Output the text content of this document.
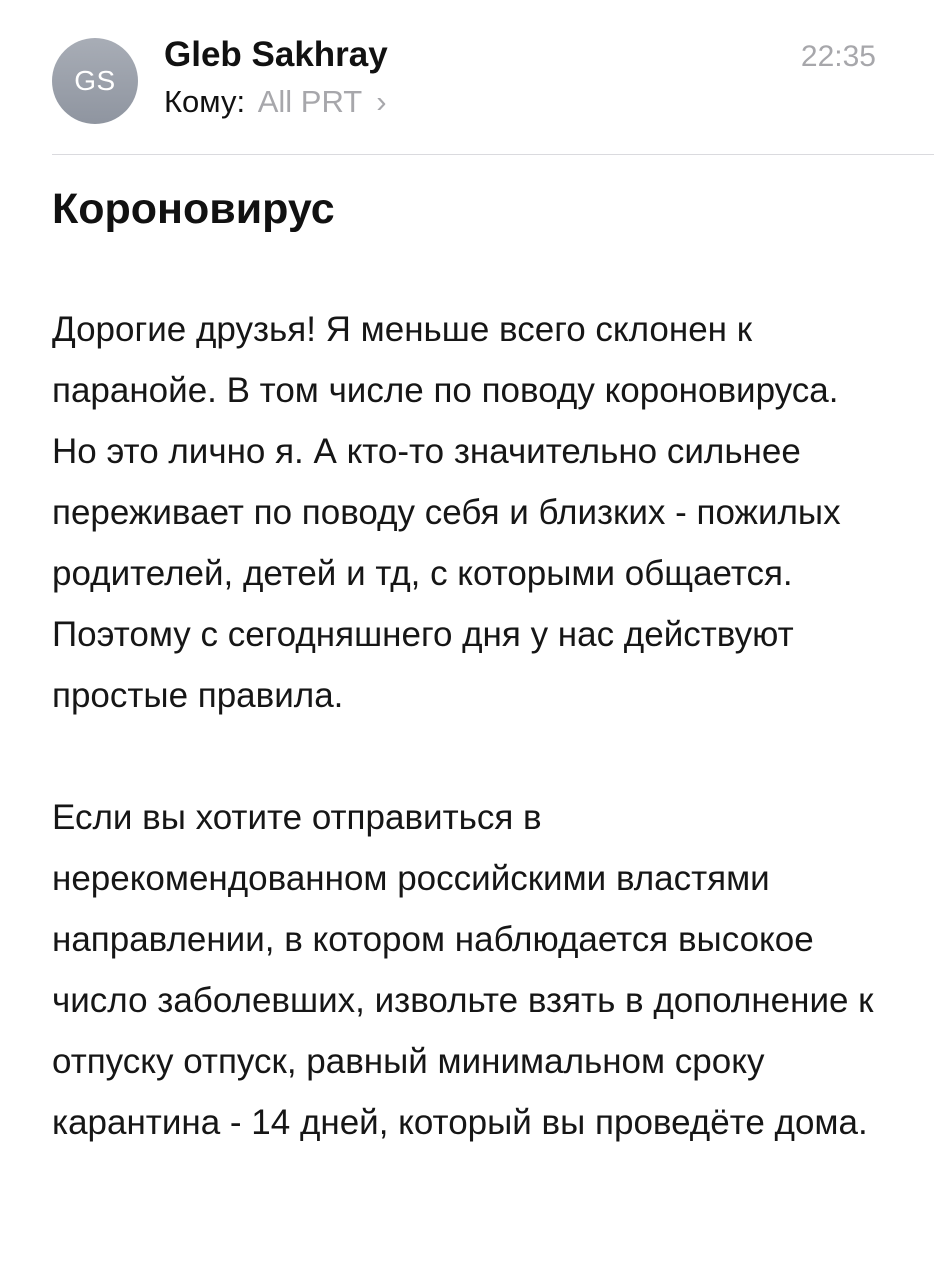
GS
Gleb Sakhray
Кому: All PRT ›
22:35
Короновирус

Дорогие друзья! Я меньше всего склонен к паранойе. В том числе по поводу короновируса. Но это лично я. А кто-то значительно сильнее переживает по поводу себя и близких - пожилых родителей, детей и тд, с которыми общается. Поэтому с сегодняшнего дня у нас действуют простые правила.

Если вы хотите отправиться в нерекомендованном российскими властями направлении, в котором наблюдается высокое число заболевших, извольте взять в дополнение к отпуску отпуск, равный минимальном сроку карантина - 14 дней, который вы проведёте дома.
